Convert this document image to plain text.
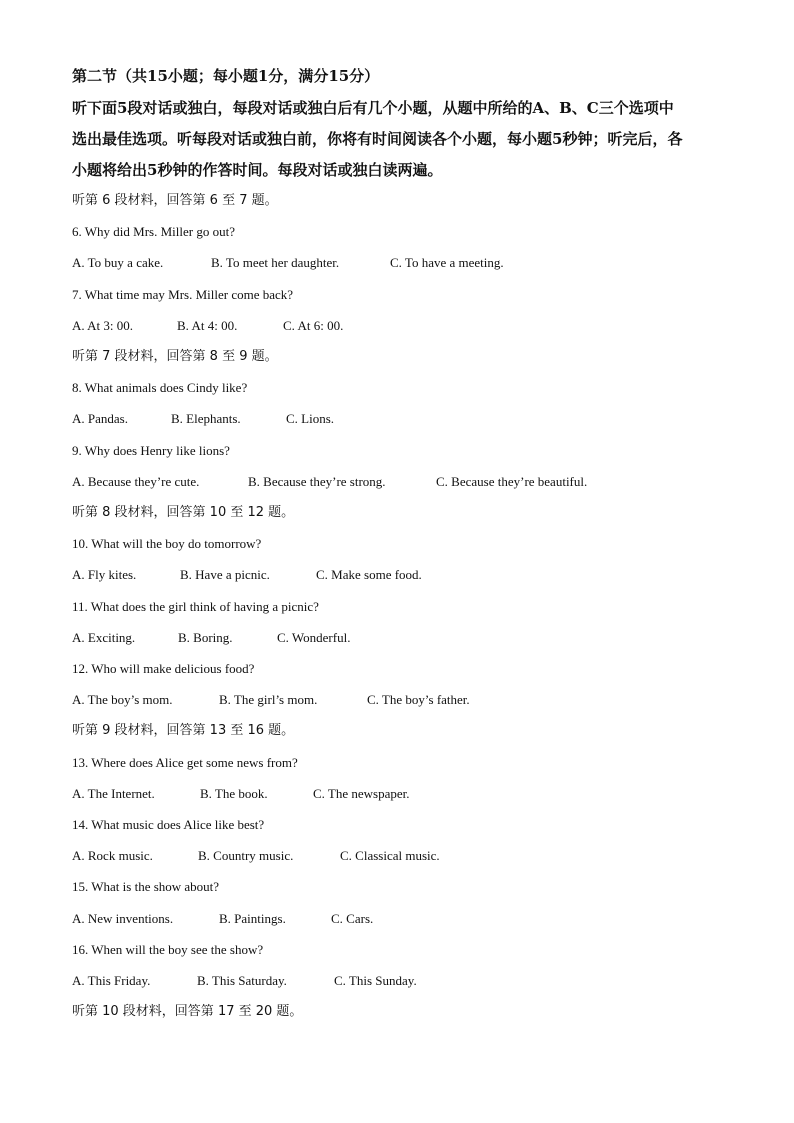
第二节（共15小题；每小题1分，满分15分）
听下面5段对话或独白，每段对话或独白后有几个小题，从题中所给的A、B、C三个选项中
选出最佳选项。听每段对话或独白前，你将有时间阅读各个小题，每小题5秒钟；听完后，各
小题将给出5秒钟的作答时间。每段对话或独白读两遍。
听第 6 段材料，回答第 6 至 7 题。
6. Why did Mrs. Miller go out?
A. To buy a cake.	B. To meet her daughter.	C. To have a meeting.
7. What time may Mrs. Miller come back?
A. At 3: 00.	B. At 4: 00.	C. At 6: 00.
听第 7 段材料，回答第 8 至 9 题。
8. What animals does Cindy like?
A. Pandas.	B. Elephants.	C. Lions.
9. Why does Henry like lions?
A. Because they’re cute.	B. Because they’re strong.	C. Because they’re beautiful.
听第 8 段材料，回答第 10 至 12 题。
10. What will the boy do tomorrow?
A. Fly kites.	B. Have a picnic.	C. Make some food.
11. What does the girl think of having a picnic?
A. Exciting.	B. Boring.	C. Wonderful.
12. Who will make delicious food?
A. The boy’s mom.	B. The girl’s mom.	C. The boy’s father.
听第 9 段材料，回答第 13 至 16 题。
13. Where does Alice get some news from?
A. The Internet.	B. The book.	C. The newspaper.
14. What music does Alice like best?
A. Rock music.	B. Country music.	C. Classical music.
15. What is the show about?
A. New inventions.	B. Paintings.	C. Cars.
16. When will the boy see the show?
A. This Friday.	B. This Saturday.	C. This Sunday.
听第 10 段材料，回答第 17 至 20 题。
